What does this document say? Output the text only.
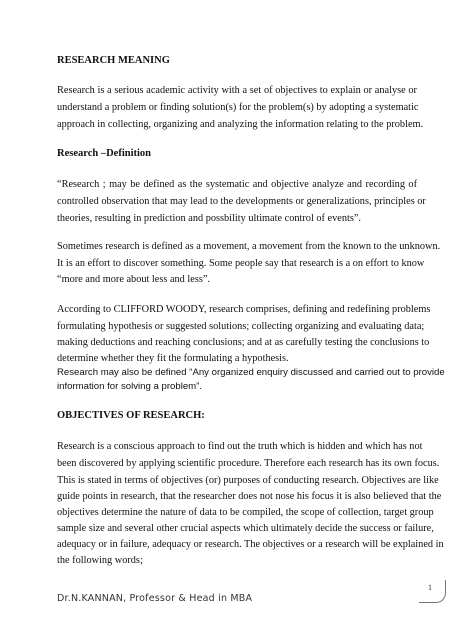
RESEARCH MEANING
Research is a serious academic activity with a set of objectives to explain or analyse or
understand a problem or finding solution(s) for the problem(s) by adopting a systematic
approach in collecting, organizing and analyzing the information relating to the problem.
Research –Definition
“Research ; may be defined as the systematic and objective analyze and recording of
controlled observation that may lead to the developments or generalizations, principles or
theories, resulting in prediction and possbility ultimate control of events”.
Sometimes research is defined as a movement, a movement from the known to the unknown.
It is an effort to discover something. Some people say that research is a on effort to know
“more and more about less and less”.
According to CLIFFORD WOODY, research comprises, defining and redefining problems
formulating hypothesis or suggested solutions; collecting organizing and evaluating data;
making deductions and reaching conclusions; and at as carefully testing the conclusions to
determine whether they fit the formulating a hypothesis.
Research may also be defined “Any organized enquiry discussed and carried out to provide
information for solving a problem”.
OBJECTIVES OF RESEARCH:
Research is a conscious approach to find out the truth which is hidden and which has not
been discovered by applying scientific procedure. Therefore each research has its own focus.
This is stated in terms of objectives (or) purposes of conducting research. Objectives are like
guide points in research, that the researcher does not nose his focus it is also believed that the
objectives determine the nature of data to be compiled, the scope of collection, target group
sample size and several other crucial aspects which ultimately decide the success or failure,
adequacy or in failure, adequacy or research. The objectives or a research will be explained in
the following words;
1
Dr.N.KANNAN, Professor & Head in MBA
